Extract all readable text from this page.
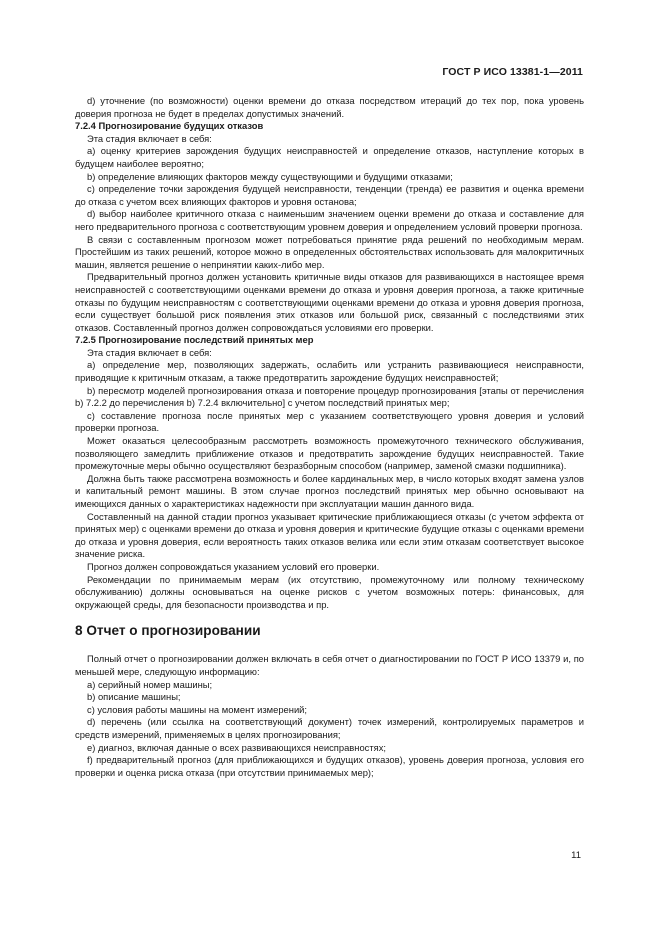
ГОСТ Р ИСО 13381-1—2011

d) уточнение (по возможности) оценки времени до отказа посредством итераций до тех пор, пока уровень доверия прогноза не будет в пределах допустимых значений.

7.2.4 Прогнозирование будущих отказов

Эта стадия включает в себя:

а) оценку критериев зарождения будущих неисправностей и определение отказов, наступление которых в будущем наиболее вероятно;

b) определение влияющих факторов между существующими и будущими отказами;

c) определение точки зарождения будущей неисправности, тенденции (тренда) ее развития и оценка времени до отказа с учетом всех влияющих факторов и уровня останова;

d) выбор наиболее критичного отказа с наименьшим значением оценки времени до отказа и составление для него предварительного прогноза с соответствующим уровнем доверия и определением условий проверки прогноза.

В связи с составленным прогнозом может потребоваться принятие ряда решений по необходимым мерам. Простейшим из таких решений, которое можно в определенных обстоятельствах использовать для малокритичных машин, является решение о непринятии каких-либо мер.

Предварительный прогноз должен установить критичные виды отказов для развивающихся в настоящее время неисправностей с соответствующими оценками времени до отказа и уровня доверия прогноза, а также критичные отказы по будущим неисправностям с соответствующими оценками времени до отказа и уровня доверия прогноза, если существует большой риск появления этих отказов или большой риск, связанный с последствиями этих отказов. Составленный прогноз должен сопровождаться условиями его проверки.

7.2.5 Прогнозирование последствий принятых мер

Эта стадия включает в себя:

а) определение мер, позволяющих задержать, ослабить или устранить развивающиеся неисправности, приводящие к критичным отказам, а также предотвратить зарождение будущих неисправностей;

b) пересмотр моделей прогнозирования отказа и повторение процедур прогнозирования [этапы от перечисления b) 7.2.2 до перечисления b) 7.2.4 включительно] с учетом последствий принятых мер;

c) составление прогноза после принятых мер с указанием соответствующего уровня доверия и условий проверки прогноза.

Может оказаться целесообразным рассмотреть возможность промежуточного технического обслуживания, позволяющего замедлить приближение отказов и предотвратить зарождение будущих неисправностей. Такие промежуточные меры обычно осуществляют безразборным способом (например, заменой смазки подшипника).

Должна быть также рассмотрена возможность и более кардинальных мер, в число которых входят замена узлов и капитальный ремонт машины. В этом случае прогноз последствий принятых мер обычно основывают на имеющихся данных о характеристиках надежности при эксплуатации машин данного вида.

Составленный на данной стадии прогноз указывает критические приближающиеся отказы (с учетом эффекта от принятых мер) с оценками времени до отказа и уровня доверия и критические будущие отказы с оценками времени до отказа и уровня доверия, если вероятность таких отказов велика или если этим отказам соответствует высокое значение риска.

Прогноз должен сопровождаться указанием условий его проверки.

Рекомендации по принимаемым мерам (их отсутствию, промежуточному или полному техническому обслуживанию) должны основываться на оценке рисков с учетом возможных потерь: финансовых, для окружающей среды, для безопасности производства и пр.

8 Отчет о прогнозировании

Полный отчет о прогнозировании должен включать в себя отчет о диагностировании по ГОСТ Р ИСО 13379 и, по меньшей мере, следующую информацию:

а) серийный номер машины;

b) описание машины;

c) условия работы машины на момент измерений;

d) перечень (или ссылка на соответствующий документ) точек измерений, контролируемых параметров и средств измерений, применяемых в целях прогнозирования;

e) диагноз, включая данные о всех развивающихся неисправностях;

f) предварительный прогноз (для приближающихся и будущих отказов), уровень доверия прогноза, условия его проверки и оценка риска отказа (при отсутствии принимаемых мер);

11
